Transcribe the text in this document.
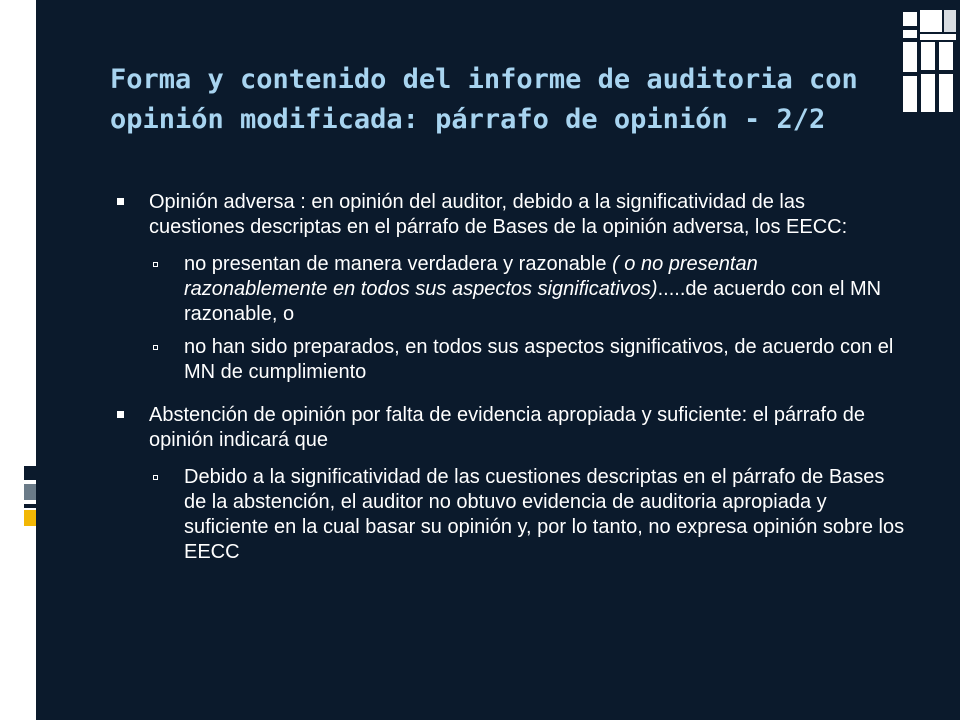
Forma y contenido del informe de auditoria con opinión modificada: párrafo de opinión - 2/2
Opinión adversa : en opinión del auditor, debido a la significatividad de las cuestiones descriptas en el párrafo de Bases de la opinión adversa, los EECC:
no presentan de manera verdadera y razonable ( o no presentan razonablemente en todos sus aspectos significativos).....de acuerdo con el MN razonable, o
no han sido preparados, en todos sus aspectos significativos, de acuerdo con el MN de cumplimiento
Abstención de opinión por falta de evidencia apropiada y suficiente: el párrafo de opinión indicará que
Debido a la significatividad de las cuestiones descriptas en el párrafo de Bases de la abstención, el auditor no obtuvo evidencia de auditoria apropiada y suficiente en la cual basar su opinión y, por lo tanto, no expresa opinión sobre los EECC
